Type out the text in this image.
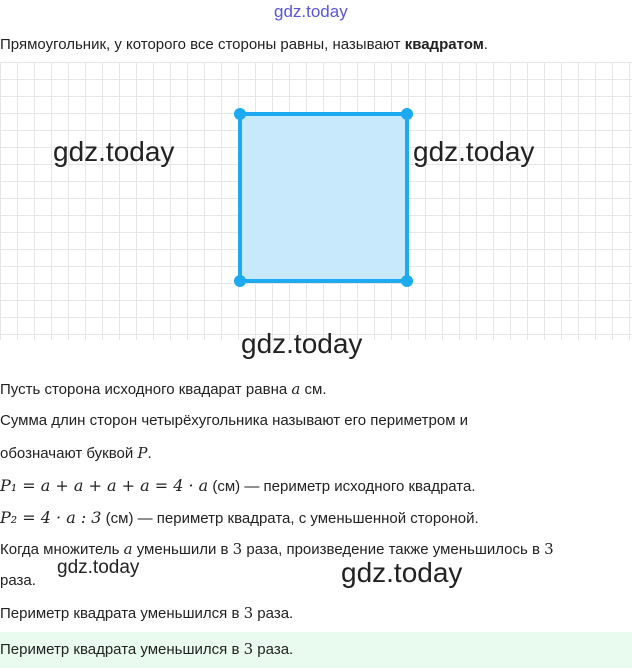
gdz.today
Прямоугольник, у которого все стороны равны, называют квадратом.
gdz.today	gdz.today
gdz.today
Пусть сторона исходного квадарат равна a см.
Сумма длин сторон четырёхугольника называют его периметром и
обозначают буквой P.
P₁ = a + a + a + a = 4 · a (см) — периметр исходного квадрата.
P₂ = 4 · a : 3 (см) — периметр квадрата, с уменьшенной стороной.
Когда множитель a уменьшили в 3 раза, произведение также уменьшилось в 3
раза.
gdz.today	gdz.today
Периметр квадрата уменьшился в 3 раза.
Периметр квадрата уменьшился в 3 раза.
